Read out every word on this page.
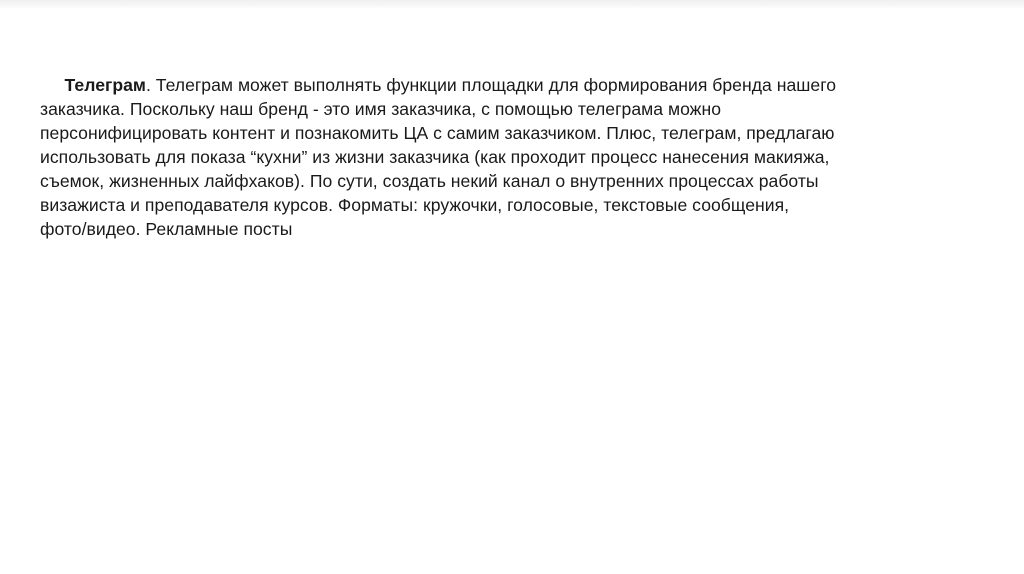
Телеграм. Телеграм может выполнять функции площадки для формирования бренда нашего
заказчика. Поскольку наш бренд - это имя заказчика, с помощью телеграма можно
персонифицировать контент и познакомить ЦА с самим заказчиком. Плюс, телеграм, предлагаю
использовать для показа “кухни” из жизни заказчика (как проходит процесс нанесения макияжа,
съемок, жизненных лайфхаков). По сути, создать некий канал о внутренних процессах работы
визажиста и преподавателя курсов. Форматы: кружочки, голосовые, текстовые сообщения,
фото/видео. Рекламные посты
